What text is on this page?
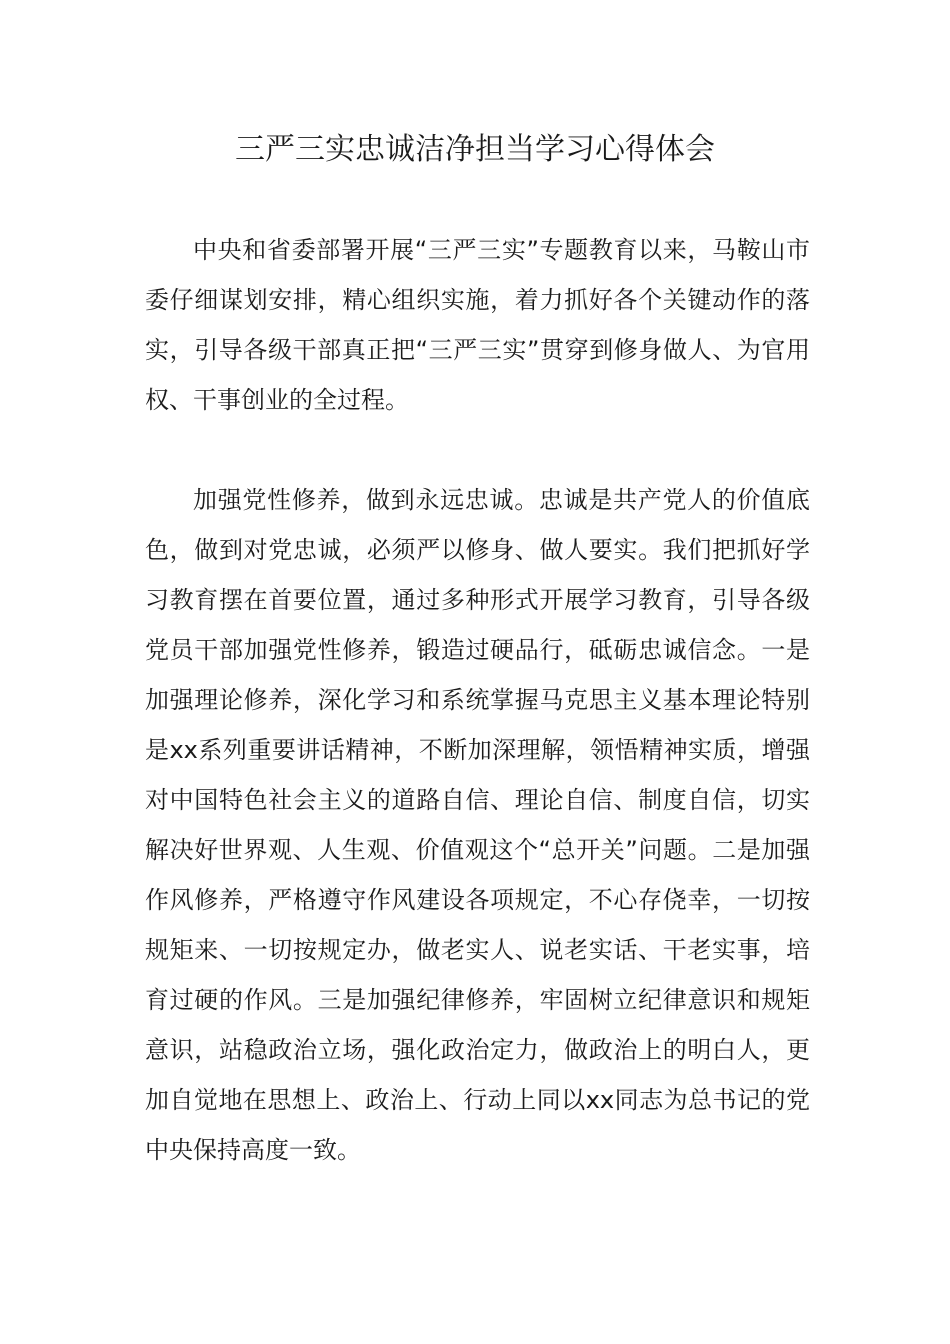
三严三实忠诚洁净担当学习心得体会

中央和省委部署开展“三严三实”专题教育以来，马鞍山市委仔细谋划安排，精心组织实施，着力抓好各个关键动作的落实，引导各级干部真正把“三严三实”贯穿到修身做人、为官用权、干事创业的全过程。

加强党性修养，做到永远忠诚。忠诚是共产党人的价值底色，做到对党忠诚，必须严以修身、做人要实。我们把抓好学习教育摆在首要位置，通过多种形式开展学习教育，引导各级党员干部加强党性修养，锻造过硬品行，砥砺忠诚信念。一是加强理论修养，深化学习和系统掌握马克思主义基本理论特别是xx系列重要讲话精神，不断加深理解，领悟精神实质，增强对中国特色社会主义的道路自信、理论自信、制度自信，切实解决好世界观、人生观、价值观这个“总开关”问题。二是加强作风修养，严格遵守作风建设各项规定，不心存侥幸，一切按规矩来、一切按规定办，做老实人、说老实话、干老实事，培育过硬的作风。三是加强纪律修养，牢固树立纪律意识和规矩意识，站稳政治立场，强化政治定力，做政治上的明白人，更加自觉地在思想上、政治上、行动上同以xx同志为总书记的党中央保持高度一致。
